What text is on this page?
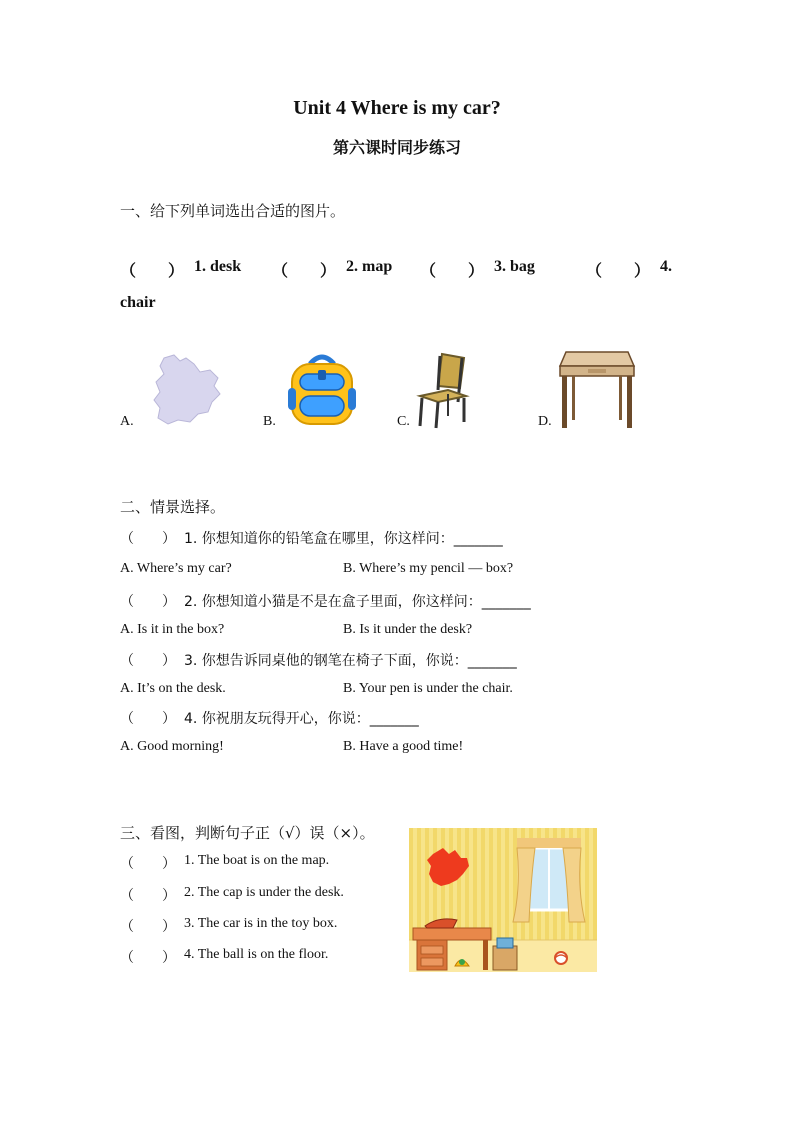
Unit 4 Where is my car?
第六课时同步练习
一、给下列单词选出合适的图片。
（　　） 1. desk （　　） 2. map （　　） 3. bag	（　　） 4.
chair
A.	B.	C.	D.
二、情景选择。
（　　） 1. 你想知道你的铅笔盒在哪里，你这样问：_______
A. Where’s my car?	B. Where’s my pencil — box?
（　　） 2. 你想知道小猫是不是在盒子里面，你这样问：_______
A. Is it in the box?	B. Is it under the desk?
（　　） 3. 你想告诉同桌他的钢笔在椅子下面，你说：_______
A. It’s on the desk.	B. Your pen is under the chair.
（　　） 4. 你祝朋友玩得开心，你说：_______
A. Good morning!	B. Have a good time!
三、看图，判断句子正（√）误（×）。
（　　） 1. The boat is on the map.
（　　） 2. The cap is under the desk.
（　　） 3. The car is in the toy box.
（　　） 4. The ball is on the floor.
